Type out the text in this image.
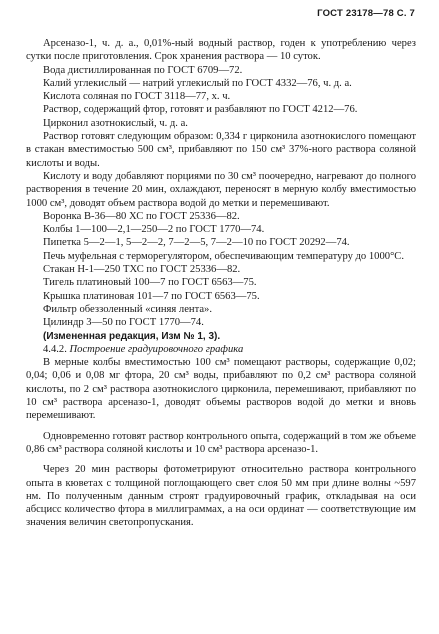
ГОСТ 23178—78 С. 7

Арсеназо-1, ч. д. а., 0,01%-ный водный раствор, годен к употреблению через сутки после приготовления. Срок хранения раствора — 10 суток.

Вода дистиллированная по ГОСТ 6709—72.

Калий углекислый — натрий углекислый по ГОСТ 4332—76, ч. д. а.

Кислота соляная по ГОСТ 3118—77, х. ч.

Раствор, содержащий фтор, готовят и разбавляют по ГОСТ 4212—76.

Цирконил азотнокислый, ч. д. а.

Раствор готовят следующим образом: 0,334 г цирконила азотнокислого помещают в стакан вместимостью 500 см³, прибавляют по 150 см³ 37%-ного раствора соляной кислоты и воды.

Кислоту и воду добавляют порциями по 30 см³ поочередно, нагревают до полного растворения в течение 20 мин, охлаждают, переносят в мерную колбу вместимостью 1000 см³, доводят объем раствора водой до метки и перемешивают.

Воронка В-36—80 ХС по ГОСТ 25336—82.

Колбы 1—100—2,1—250—2 по ГОСТ 1770—74.

Пипетка 5—2—1, 5—2—2, 7—2—5, 7—2—10 по ГОСТ 20292—74.

Печь муфельная с терморегулятором, обеспечивающим температуру до 1000°С.

Стакан Н-1—250 ТХС по ГОСТ 25336—82.

Тигель платиновый 100—7 по ГОСТ 6563—75.

Крышка платиновая 101—7 по ГОСТ 6563—75.

Фильтр обеззоленный «синяя лента».

Цилиндр 3—50 по ГОСТ 1770—74.

(Измененная редакция, Изм № 1, 3).

4.4.2. Построение градуировочного графика

В мерные колбы вместимостью 100 см³ помещают растворы, содержащие 0,02; 0,04; 0,06 и 0,08 мг фтора, 20 см³ воды, прибавляют по 0,2 см³ раствора соляной кислоты, по 2 см³ раствора азотнокислого цирконила, перемешивают, прибавляют по 10 см³ раствора арсеназо-1, доводят объемы растворов водой до метки и вновь перемешивают.

Одновременно готовят раствор контрольного опыта, содержащий в том же объеме 0,86 см³ раствора соляной кислоты и 10 см³ раствора арсеназо-1.

Через 20 мин растворы фотометрируют относительно раствора контрольного опыта в кюветах с толщиной поглощающего свет слоя 50 мм при длине волны ~597 нм. По полученным данным строят градуировочный график, откладывая на оси абсцисс количество фтора в миллиграммах, а на оси ординат — соответствующие им значения величин светопропускания.
